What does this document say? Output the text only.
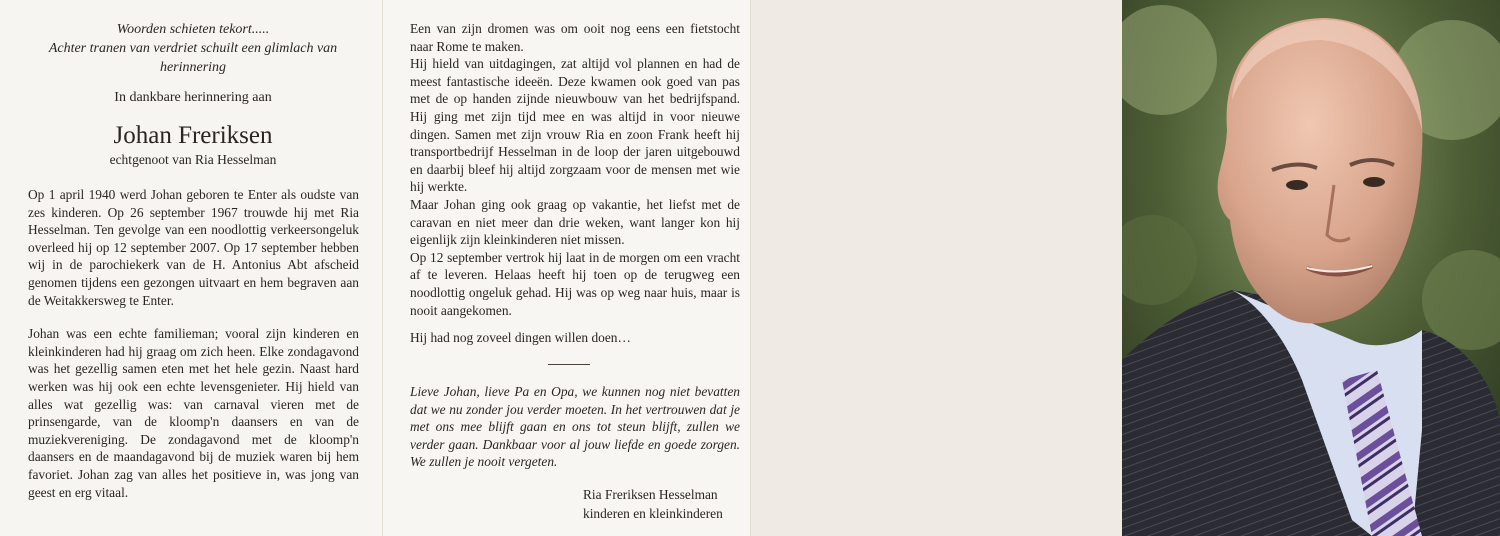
Woorden schieten tekort.....
Achter tranen van verdriet schuilt een glimlach van
herinnering
In dankbare herinnering aan
Johan Freriksen
echtgenoot van Ria Hesselman

Op 1 april 1940 werd Johan geboren te Enter als oudste van zes kinderen. Op 26 september 1967 trouwde hij met Ria Hesselman. Ten gevolge van een noodlottig verkeersongeluk overleed hij op 12 september 2007. Op 17 september hebben wij in de parochiekerk van de H. Antonius Abt afscheid genomen tijdens een gezongen uitvaart en hem begraven aan de Weitakkersweg te Enter.

Johan was een echte familieman; vooral zijn kinderen en kleinkinderen had hij graag om zich heen. Elke zondagavond was het gezellig samen eten met het hele gezin. Naast hard werken was hij ook een echte levensgenieter. Hij hield van alles wat gezellig was: van carnaval vieren met de prinsengarde, van de kloomp'n daansers en van de muziekvereniging. De zondagavond met de kloomp'n daansers en de maandagavond bij de muziek waren bij hem favoriet. Johan zag van alles het positieve in, was jong van geest en erg vitaal.

Een van zijn dromen was om ooit nog eens een fietstocht naar Rome te maken.

Hij hield van uitdagingen, zat altijd vol plannen en had de meest fantastische ideeën. Deze kwamen ook goed van pas met de op handen zijnde nieuwbouw van het bedrijfspand. Hij ging met zijn tijd mee en was altijd in voor nieuwe dingen. Samen met zijn vrouw Ria en zoon Frank heeft hij transportbedrijf Hesselman in de loop der jaren uitgebouwd en daarbij bleef hij altijd zorgzaam voor de mensen met wie hij werkte.

Maar Johan ging ook graag op vakantie, het liefst met de caravan en niet meer dan drie weken, want langer kon hij eigenlijk zijn kleinkinderen niet missen.

Op 12 september vertrok hij laat in de morgen om een vracht af te leveren. Helaas heeft hij toen op de terugweg een noodlottig ongeluk gehad. Hij was op weg naar huis, maar is nooit aangekomen.

Hij had nog zoveel dingen willen doen…
Lieve Johan, lieve Pa en Opa, we kunnen nog niet bevatten dat we nu zonder jou verder moeten. In het vertrouwen dat je met ons mee blijft gaan en ons tot steun blijft, zullen we verder gaan. Dankbaar voor al jouw liefde en goede zorgen. We zullen je nooit vergeten.
Ria Freriksen Hesselman
kinderen en kleinkinderen
